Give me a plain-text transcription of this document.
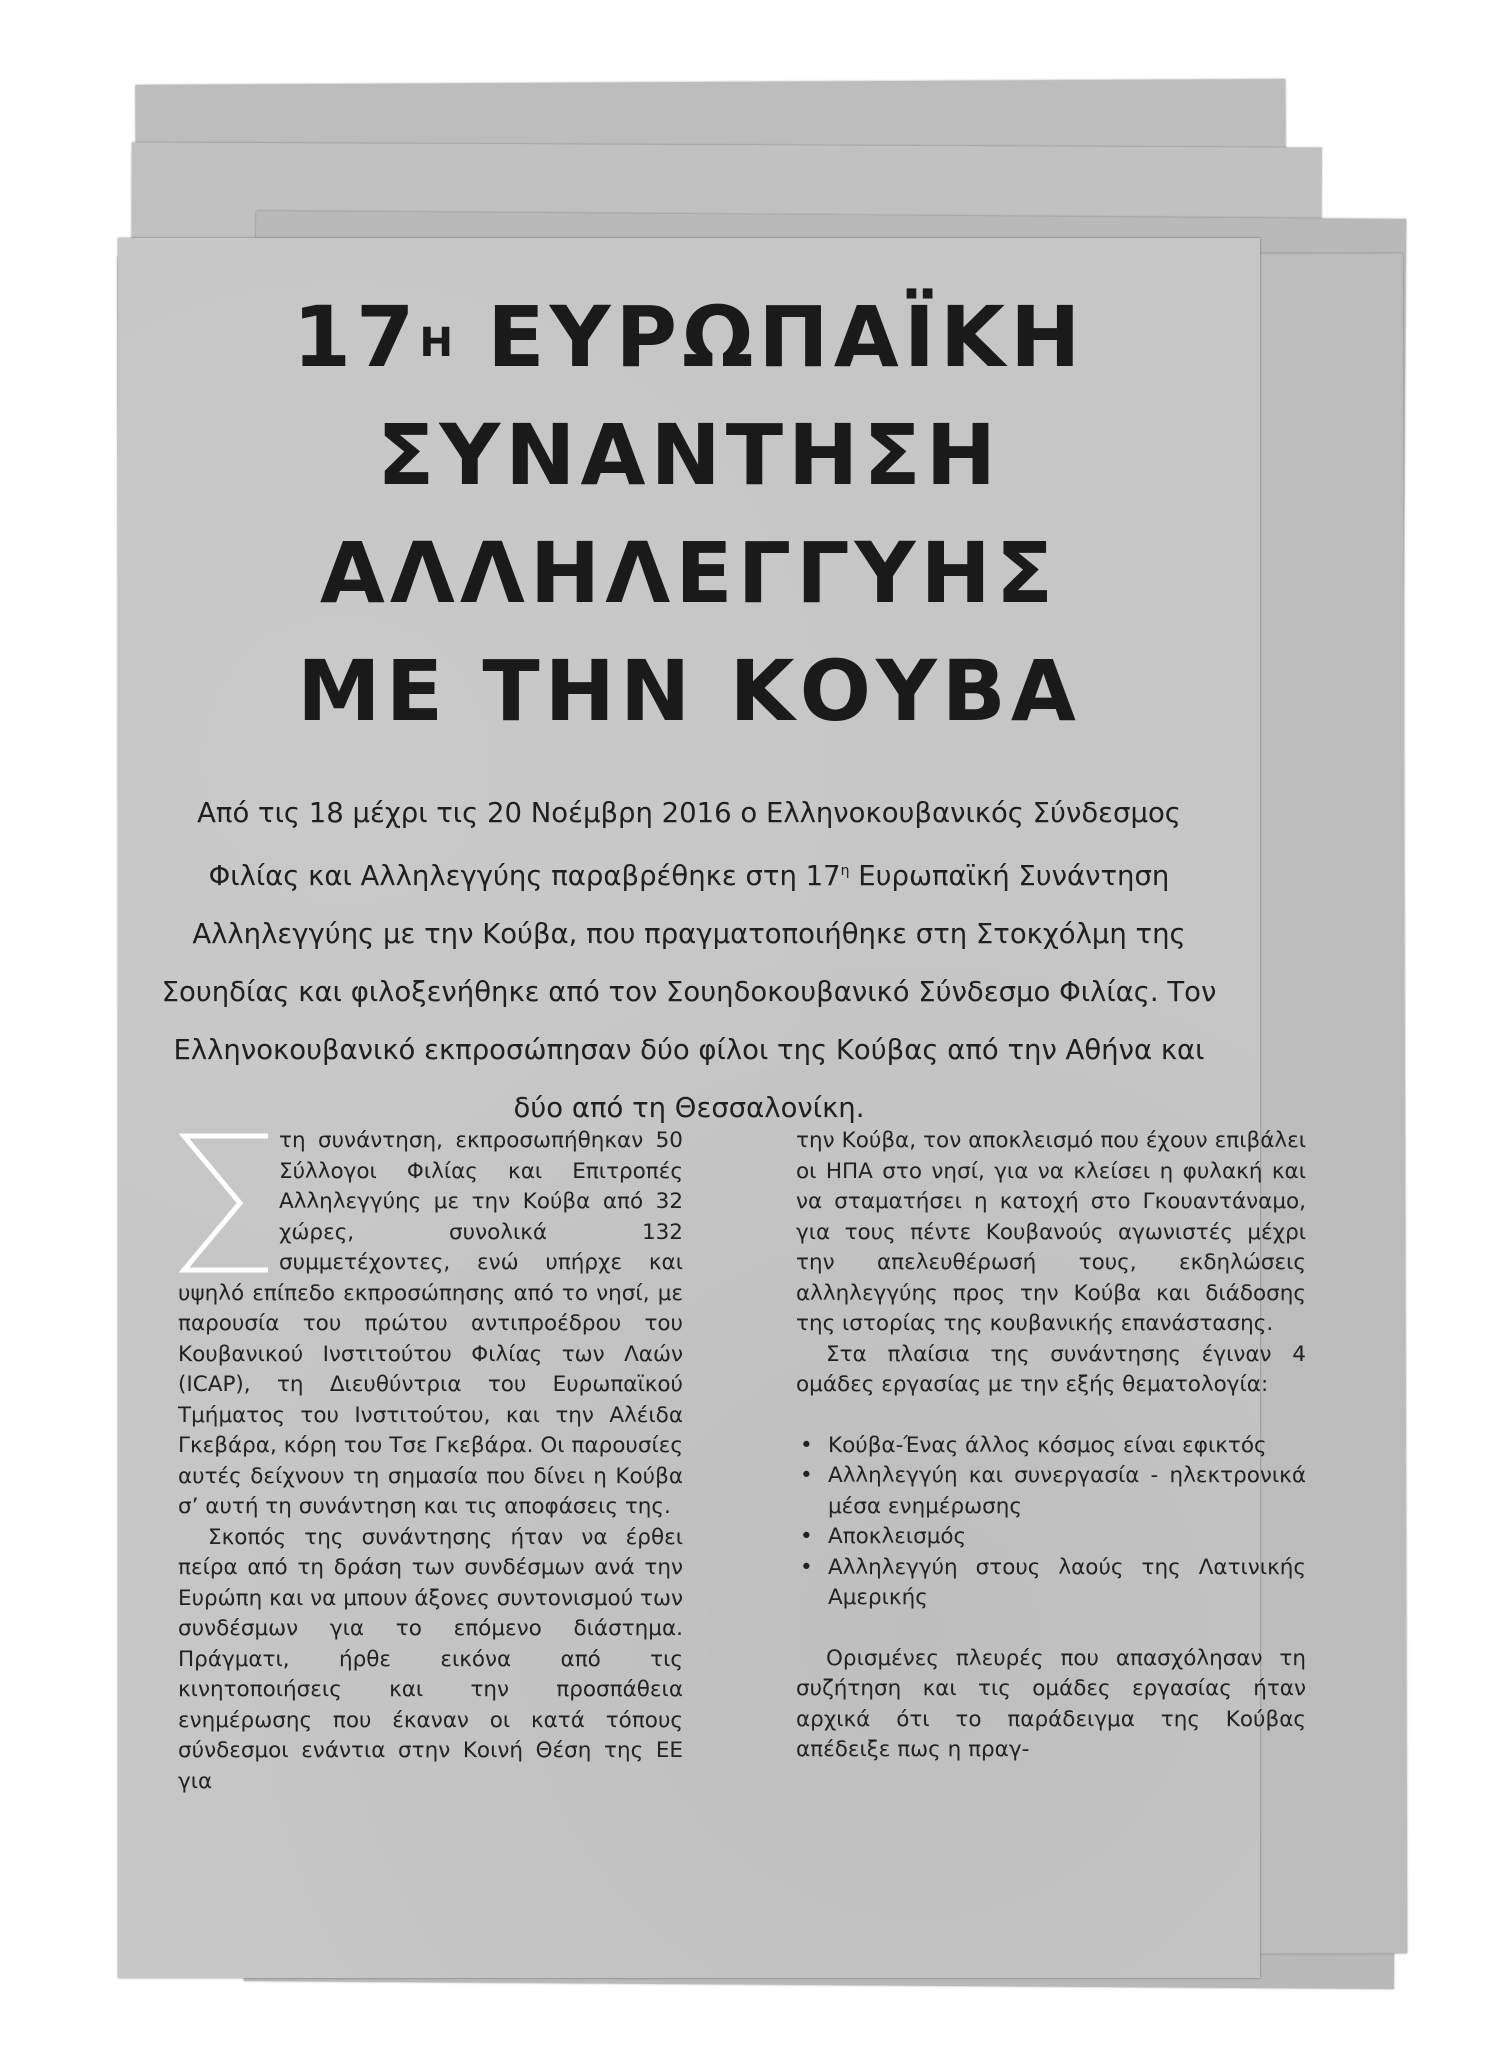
$17^H$ ΕΥΡΩΠΑΪΚΗ
ΣΥΝΑΝΤΗΣΗ
ΑΛΛΗΛΕΓΓΥΗΣ
ΜΕ ΤΗΝ ΚΟΥΒΑ
Από τις 18 μέχρι τις 20 Νοέμβρη 2016 ο Ελληνοκουβανικός Σύνδεσμος Φιλίας και Αλληλεγγύης παραβρέθηκε στη $17^\eta$ Ευρωπαϊκή Συνάντηση Αλληλεγγύης με την Κούβα, που πραγματοποιήθηκε στη Στοκχόλμη της Σουηδίας και φιλοξενήθηκε από τον Σουηδοκουβανικό Σύνδεσμο Φιλίας. Τον Ελληνοκουβανικό εκπροσώπησαν δύο φίλοι της Κούβας από την Αθήνα και δύο από τη Θεσσαλονίκη.

τη συνάντηση, εκπροσωπήθηκαν 50 Σύλλογοι Φιλίας και Επιτροπές Αλληλεγγύης με την Κούβα από 32 χώρες, συνολικά 132 συμμετέχοντες, ενώ υπήρχε και υψηλό επίπεδο εκπροσώπησης από το νησί, με παρουσία του πρώτου αντιπροέδρου του Κουβανικού Ινστιτούτου Φιλίας των Λαών (ICAP), τη Διευθύντρια του Ευρωπαϊκού Τμήματος του Ινστιτούτου, και την Αλέιδα Γκεβάρα, κόρη του Τσε Γκεβάρα. Οι παρουσίες αυτές δείχνουν τη σημασία που δίνει η Κούβα σ’ αυτή τη συνάντηση και τις αποφάσεις της.

Σκοπός της συνάντησης ήταν να έρθει πείρα από τη δράση των συνδέσμων ανά την Ευρώπη και να μπουν άξονες συντονισμού των συνδέσμων για το επόμενο διάστημα. Πράγματι, ήρθε εικόνα από τις κινητοποιήσεις και την προσπάθεια ενημέρωσης που έκαναν οι κατά τόπους σύνδεσμοι ενάντια στην Κοινή Θέση της ΕΕ για

την Κούβα, τον αποκλεισμό που έχουν επιβάλει οι ΗΠΑ στο νησί, για να κλείσει η φυλακή και να σταματήσει η κατοχή στο Γκουαντάναμο, για τους πέντε Κουβανούς αγωνιστές μέχρι την απελευθέρωσή τους, εκδηλώσεις αλληλεγγύης προς την Κούβα και διάδοσης της ιστορίας της κουβανικής επανάστασης.

Στα πλαίσια της συνάντησης έγιναν 4 ομάδες εργασίας με την εξής θεματολογία:

• Κούβα-Ένας άλλος κόσμος είναι εφικτός
• Αλληλεγγύη και συνεργασία - ηλεκτρονικά μέσα ενημέρωσης
• Αποκλεισμός
• Αλληλεγγύη στους λαούς της Λατινικής Αμερικής

Ορισμένες πλευρές που απασχόλησαν τη συζήτηση και τις ομάδες εργασίας ήταν αρχικά ότι το παράδειγμα της Κούβας απέδειξε πως η πραγ-
